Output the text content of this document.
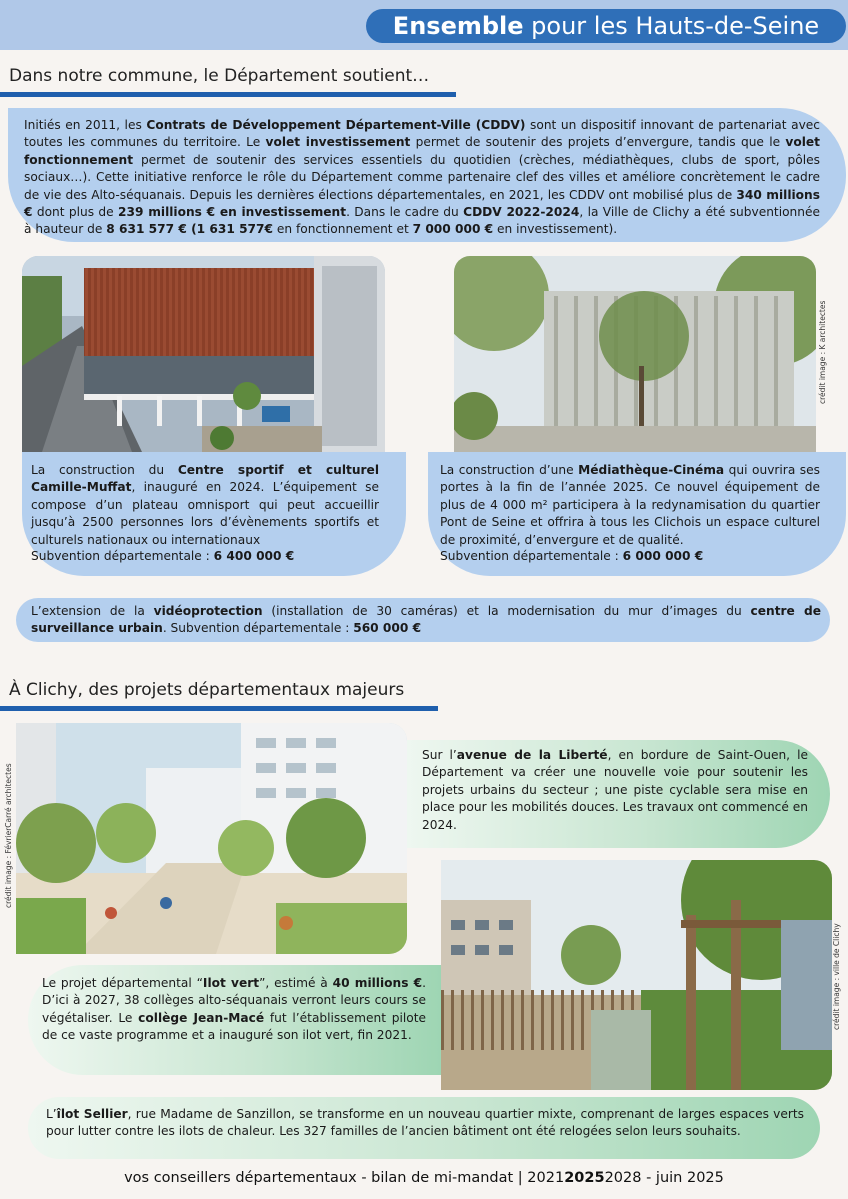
Ensemble pour les Hauts-de-Seine
Dans notre commune, le Département soutient…
Initiés en 2011, les Contrats de Développement Département-Ville (CDDV) sont un dispositif innovant de partenariat avec toutes les communes du territoire. Le volet investissement permet de soutenir des projets d’envergure, tandis que le volet fonctionnement permet de soutenir des services essentiels du quotidien (crèches, médiathèques, clubs de sport, pôles sociaux…). Cette initiative renforce le rôle du Département comme partenaire clef des villes et améliore concrètement le cadre de vie des Alto-séquanais. Depuis les dernières élections départementales, en 2021, les CDDV ont mobilisé plus de 340 millions € dont plus de 239 millions € en investissement. Dans le cadre du CDDV 2022-2024, la Ville de Clichy a été subventionnée à hauteur de 8 631 577 € (1 631 577€ en fonctionnement et 7 000 000 € en investissement).
La construction du Centre sportif et culturel Camille-Muffat, inauguré en 2024. L’équipement se compose d’un plateau omnisport qui peut accueillir jusqu’à 2500 personnes lors d’évènements sportifs et culturels nationaux ou internationaux
Subvention départementale : 6 400 000 €
crédit image : K architectes
La construction d’une Médiathèque-Cinéma qui ouvrira ses portes à la fin de l’année 2025. Ce nouvel équipement de plus de 4 000 m² participera à la redynamisation du quartier Pont de Seine et offrira à tous les Clichois un espace culturel de proximité, d’envergure et de qualité.
Subvention départementale : 6 000 000 €
L’extension de la vidéoprotection (installation de 30 caméras) et la modernisation du mur d’images du centre de surveillance urbain. Subvention départementale : 560 000 €
À Clichy, des projets départementaux majeurs
crédit image : FévrierCarré architectes
Sur l’avenue de la Liberté, en bordure de Saint-Ouen, le Département va créer une nouvelle voie pour soutenir les projets urbains du secteur ; une piste cyclable sera mise en place pour les mobilités douces. Les travaux ont commencé en 2024.
crédit image : ville de Clichy
Le projet départemental “Ilot vert”, estimé à 40 millions €. D’ici à 2027, 38 collèges alto-séquanais verront leurs cours se végétaliser. Le collège Jean-Macé fut l’établissement pilote de ce vaste programme et a inauguré son ilot vert, fin 2021.
L’îlot Sellier, rue Madame de Sanzillon, se transforme en un nouveau quartier mixte, comprenant de larges espaces verts pour lutter contre les ilots de chaleur. Les 327 familles de l’ancien bâtiment ont été relogées selon leurs souhaits.
vos conseillers départementaux - bilan de mi-mandat | 202120252028 - juin 2025
